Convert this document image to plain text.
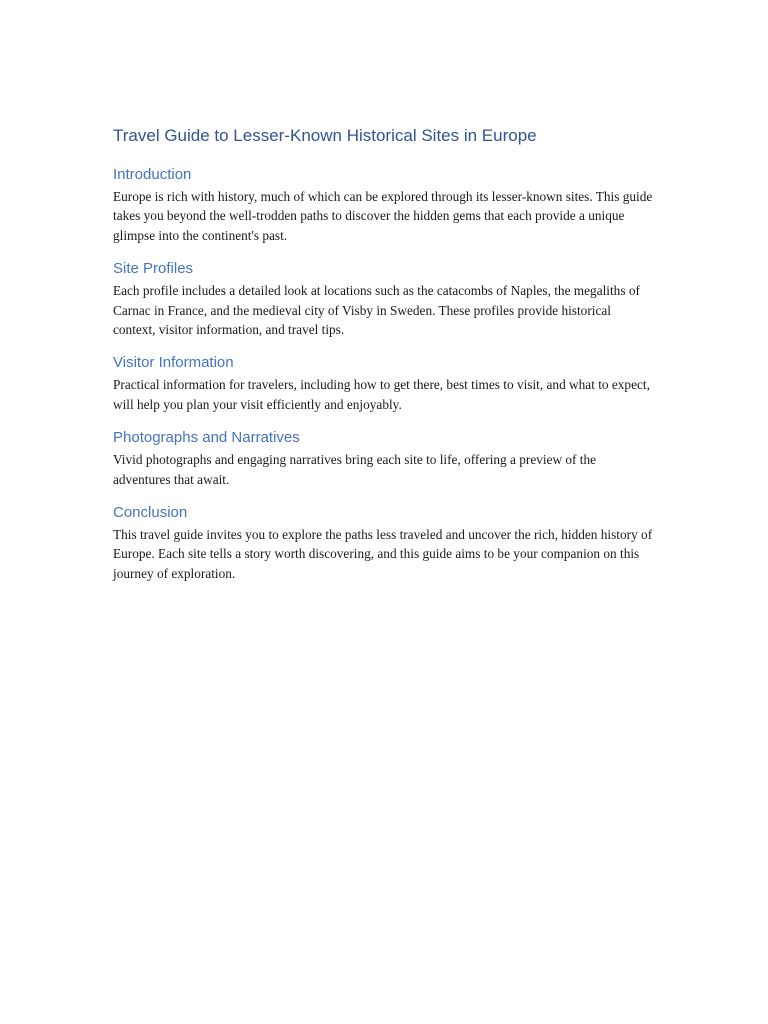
Travel Guide to Lesser-Known Historical Sites in Europe
Introduction

Europe is rich with history, much of which can be explored through its lesser-known sites. This guide takes you beyond the well-trodden paths to discover the hidden gems that each provide a unique glimpse into the continent's past.

Site Profiles

Each profile includes a detailed look at locations such as the catacombs of Naples, the megaliths of Carnac in France, and the medieval city of Visby in Sweden. These profiles provide historical context, visitor information, and travel tips.

Visitor Information

Practical information for travelers, including how to get there, best times to visit, and what to expect, will help you plan your visit efficiently and enjoyably.

Photographs and Narratives

Vivid photographs and engaging narratives bring each site to life, offering a preview of the adventures that await.

Conclusion

This travel guide invites you to explore the paths less traveled and uncover the rich, hidden history of Europe. Each site tells a story worth discovering, and this guide aims to be your companion on this journey of exploration.
